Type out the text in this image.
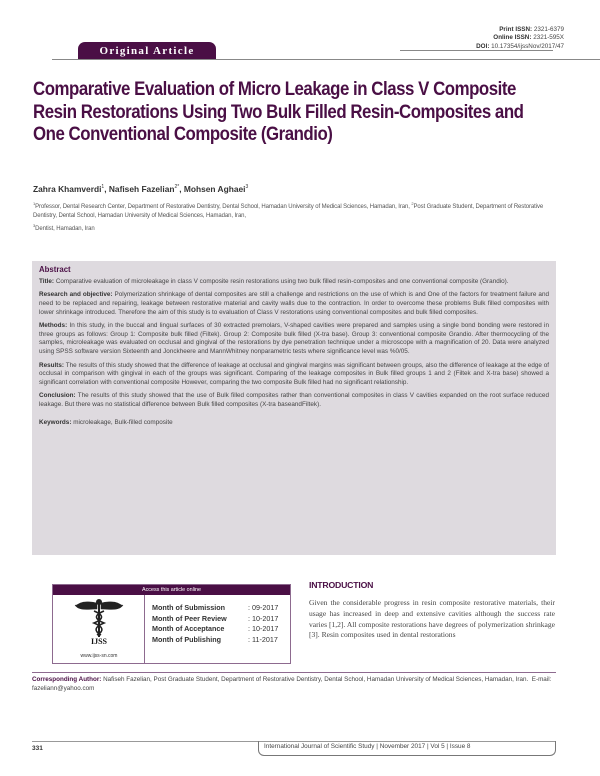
Print ISSN: 2321-6379
Online ISSN: 2321-595X
DOI: 10.17354/ijssNov/2017/47
Original Article
Comparative Evaluation of Micro Leakage in Class V Composite Resin Restorations Using Two Bulk Filled Resin-Composites and One Conventional Composite (Grandio)
Zahra Khamverdi$^1$, Nafiseh Fazelian$^{2*}$, Mohsen Aghaei$^3$
$^1$Professor, Dental Research Center, Department of Restorative Dentistry, Dental School, Hamadan University of Medical Sciences, Hamadan, Iran, $^2$Post Graduate Student, Department of Restorative Dentistry, Dental School, Hamadan University of Medical Sciences, Hamadan, Iran,
$^3$Dentist, Hamadan, Iran
Abstract

Title: Comparative evaluation of microleakage in class V composite resin restorations using two bulk filled resin-composites and one conventional composite (Grandio).

Research and objective: Polymerization shrinkage of dental composites are still a challenge and restrictions on the use of which is and One of the factors for treatment failure and need to be replaced and repairing, leakage between restorative material and cavity walls due to the contraction. In order to overcome these problems Bulk filled composites with lower shrinkage introduced. Therefore the aim of this study is to evaluation of Class V restorations using conventional composites and bulk filled composites.

Methods: In this study, in the buccal and lingual surfaces of 30 extracted premolars, V-shaped cavities were prepared and samples using a single bond bonding were restored in three groups as follows: Group 1: Composite bulk filled (Filtek). Group 2: Composite bulk filled (X-tra base). Group 3: conventional composite Grandio. After thermocycling of the samples, microleakage was evaluated on occlusal and gingival of the restorations by dye penetration technique under a microscope with a magnification of 20. Data were analyzed using SPSS software version Sixteenth and Jonckheere and MannWhitney nonparametric tests where significance level was %0/05.

Results: The results of this study showed that the difference of leakage at occlusal and gingival margins was significant between groups, also the difference of leakage at the edge of occlusal in comparison with gingival in each of the groups was significant. Comparing of the leakage composites in Bulk filled groups 1 and 2 (Filtek and X-tra base) showed a significant correlation with conventional composite However, comparing the two composite Bulk filled had no significant relationship.

Conclusion: The results of this study showed that the use of Bulk filled composites rather than conventional composites in class V cavities expanded on the root surface reduced leakage. But there was no statistical difference between Bulk filled composites (X-tra baseandFiltek).

Keywords: microleakage, Bulk-filled composite

Access this article online
IJSS
www.ijss-sn.com
Month of Submission	: 09-2017
Month of Peer Review	: 10-2017
Month of Acceptance	: 10-2017
Month of Publishing	: 11-2017
INTRODUCTION

Given the considerable progress in resin composite restorative materials, their usage has increased in deep and extensive cavities although the success rate varies [1,2]. All composite restorations have degrees of polymerization shrinkage [3]. Resin composites used in dental restorations

Corresponding Author: Nafiseh Fazelian, Post Graduate Student, Department of Restorative Dentistry, Dental School, Hamadan University of Medical Sciences, Hamadan, Iran. E-mail: fazeliann@yahoo.com
331	International Journal of Scientific Study | November 2017 | Vol 5 | Issue 8
